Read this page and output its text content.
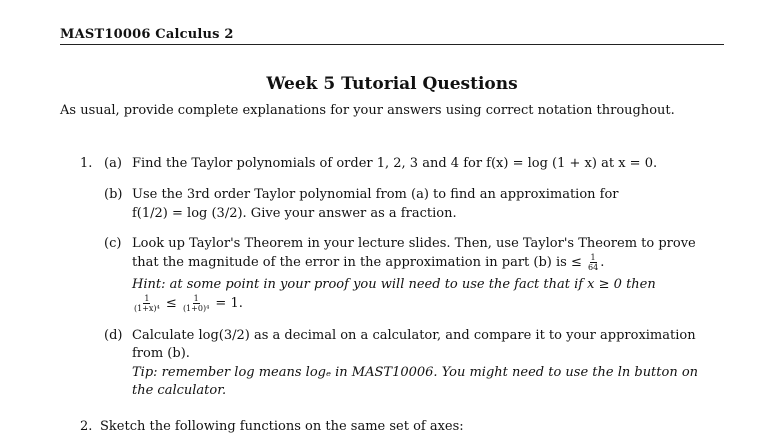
MAST10006 Calculus 2
Week 5 Tutorial Questions
As usual, provide complete explanations for your answers using correct notation throughout.
1. (a) Find the Taylor polynomials of order 1, 2, 3 and 4 for f(x) = log (1 + x) at x = 0.
(b) Use the 3rd order Taylor polynomial from (a) to find an approximation for
f(1/2) = log (3/2). Give your answer as a fraction.
(c) Look up Taylor's Theorem in your lecture slides. Then, use Taylor's Theorem to prove
that the magnitude of the error in the approximation in part (b) is ≤ $\frac{1}{64}$ .
Hint: at some point in your proof you will need to use the fact that if x ≥ 0 then
$\frac{1}{\text{(1+x)⁴}} \le \frac{1}{\text{(1+0)⁴}} = 1$.
(d) Calculate log(3/2) as a decimal on a calculator, and compare it to your approximation
from (b).
Tip: remember log means logₑ in MAST10006. You might need to use the ln button on
the calculator.
2. Sketch the following functions on the same set of axes:
